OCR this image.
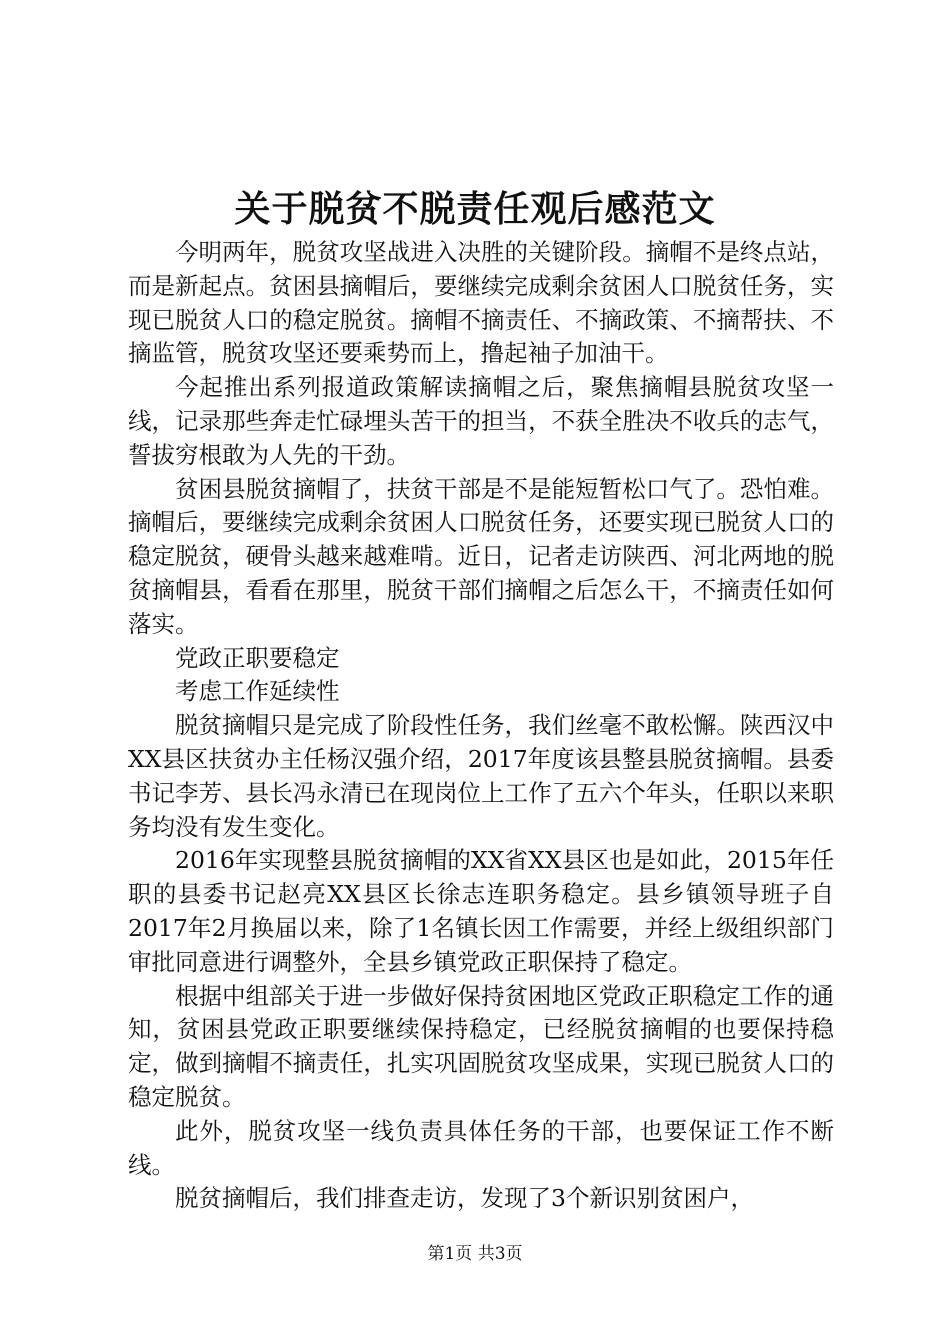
关于脱贫不脱责任观后感范文

今明两年，脱贫攻坚战进入决胜的关键阶段。摘帽不是终点站，而是新起点。贫困县摘帽后，要继续完成剩余贫困人口脱贫任务，实现已脱贫人口的稳定脱贫。摘帽不摘责任、不摘政策、不摘帮扶、不摘监管，脱贫攻坚还要乘势而上，撸起袖子加油干。

今起推出系列报道政策解读摘帽之后，聚焦摘帽县脱贫攻坚一线，记录那些奔走忙碌埋头苦干的担当，不获全胜决不收兵的志气，誓拔穷根敢为人先的干劲。

贫困县脱贫摘帽了，扶贫干部是不是能短暂松口气了。恐怕难。摘帽后，要继续完成剩余贫困人口脱贫任务，还要实现已脱贫人口的稳定脱贫，硬骨头越来越难啃。近日，记者走访陕西、河北两地的脱贫摘帽县，看看在那里，脱贫干部们摘帽之后怎么干，不摘责任如何落实。

党政正职要稳定

考虑工作延续性

脱贫摘帽只是完成了阶段性任务，我们丝毫不敢松懈。陕西汉中XX县区扶贫办主任杨汉强介绍，2017年度该县整县脱贫摘帽。县委书记李芳、县长冯永清已在现岗位上工作了五六个年头，任职以来职务均没有发生变化。

2016年实现整县脱贫摘帽的XX省XX县区也是如此，2015年任职的县委书记赵亮XX县区长徐志连职务稳定。县乡镇领导班子自2017年2月换届以来，除了1名镇长因工作需要，并经上级组织部门审批同意进行调整外，全县乡镇党政正职保持了稳定。

根据中组部关于进一步做好保持贫困地区党政正职稳定工作的通知，贫困县党政正职要继续保持稳定，已经脱贫摘帽的也要保持稳定，做到摘帽不摘责任，扎实巩固脱贫攻坚成果，实现已脱贫人口的稳定脱贫。

此外，脱贫攻坚一线负责具体任务的干部，也要保证工作不断线。

脱贫摘帽后，我们排查走访，发现了3个新识别贫困户，

第1页 共3页
